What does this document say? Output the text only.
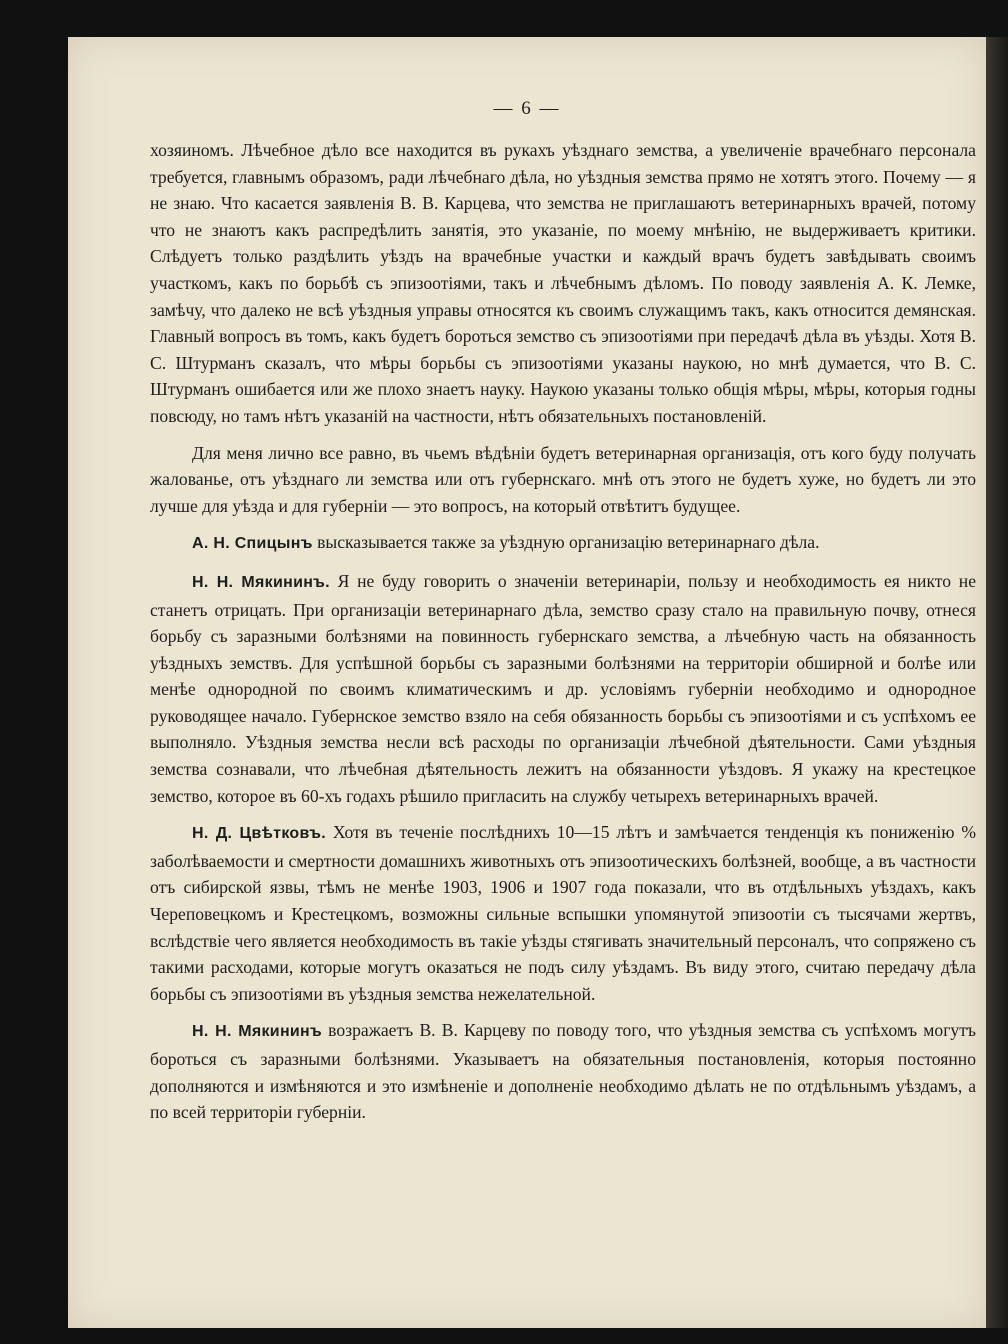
— 6 —

хозяиномъ. Лѣчебное дѣло все находится въ рукахъ уѣзднаго земства, а увеличеніе врачебнаго персонала требуется, главнымъ образомъ, ради лѣчебнаго дѣла, но уѣздныя земства прямо не хотятъ этого. Почему — я не знаю. Что касается заявленія В. В. Карцева, что земства не приглашаютъ ветеринарныхъ врачей, потому что не знаютъ какъ распредѣлить занятія, это указаніе, по моему мнѣнію, не выдерживаетъ критики. Слѣдуетъ только раздѣлить уѣздъ на врачебные участки и каждый врачъ будетъ завѣдывать своимъ участкомъ, какъ по борьбѣ съ эпизоотіями, такъ и лѣчебнымъ дѣломъ. По поводу заявленія А. К. Лемке, замѣчу, что далеко не всѣ уѣздныя управы относятся къ своимъ служащимъ такъ, какъ относится демянская. Главный вопросъ въ томъ, какъ будетъ бороться земство съ эпизоотіями при передачѣ дѣла въ уѣзды. Хотя В. С. Штурманъ сказалъ, что мѣры борьбы съ эпизоотіями указаны наукою, но мнѣ думается, что В. С. Штурманъ ошибается или же плохо знаетъ науку. Наукою указаны только общія мѣры, мѣры, которыя годны повсюду, но тамъ нѣтъ указаній на частности, нѣтъ обязательныхъ постановленій.

Для меня лично все равно, въ чьемъ вѣдѣніи будетъ ветеринарная организація, отъ кого буду получать жалованье, отъ уѣзднаго ли земства или отъ губернскаго. мнѣ отъ этого не будетъ хуже, но будетъ ли это лучше для уѣзда и для губерніи — это вопросъ, на который отвѣтитъ будущее.

А. Н. Спицынъ высказывается также за уѣздную организацію ветеринарнаго дѣла.

Н. Н. Мякининъ. Я не буду говорить о значеніи ветеринаріи, пользу и необходимость ея никто не станетъ отрицать. При организаціи ветеринарнаго дѣла, земство сразу стало на правильную почву, отнеся борьбу съ заразными болѣзнями на повинность губернскаго земства, а лѣчебную часть на обязанность уѣздныхъ земствъ. Для успѣшной борьбы съ заразными болѣзнями на территоріи обширной и болѣе или менѣе однородной по своимъ климатическимъ и др. условіямъ губерніи необходимо и однородное руководящее начало. Губернское земство взяло на себя обязанность борьбы съ эпизоотіями и съ успѣхомъ ее выполняло. Уѣздныя земства несли всѣ расходы по организаціи лѣчебной дѣятельности. Сами уѣздныя земства сознавали, что лѣчебная дѣятельность лежитъ на обязанности уѣздовъ. Я укажу на крестецкое земство, которое въ 60-хъ годахъ рѣшило пригласить на службу четырехъ ветеринарныхъ врачей.

Н. Д. Цвѣтковъ. Хотя въ теченіе послѣднихъ 10—15 лѣтъ и замѣчается тенденція къ пониженію % заболѣваемости и смертности домашнихъ животныхъ отъ эпизоотическихъ болѣзней, вообще, а въ частности отъ сибирской язвы, тѣмъ не менѣе 1903, 1906 и 1907 года показали, что въ отдѣльныхъ уѣздахъ, какъ Череповецкомъ и Крестецкомъ, возможны сильные вспышки упомянутой эпизоотіи съ тысячами жертвъ, вслѣдствіе чего является необходимость въ такіе уѣзды стягивать значительный персоналъ, что сопряжено съ такими расходами, которые могутъ оказаться не подъ силу уѣздамъ. Въ виду этого, считаю передачу дѣла борьбы съ эпизоотіями въ уѣздныя земства нежелательной.

Н. Н. Мякининъ возражаетъ В. В. Карцеву по поводу того, что уѣздныя земства съ успѣхомъ могутъ бороться съ заразными болѣзнями. Указываетъ на обязательныя постановленія, которыя постоянно дополняются и измѣняются и это измѣненіе и дополненіе необходимо дѣлать не по отдѣльнымъ уѣздамъ, а по всей территоріи губерніи.
